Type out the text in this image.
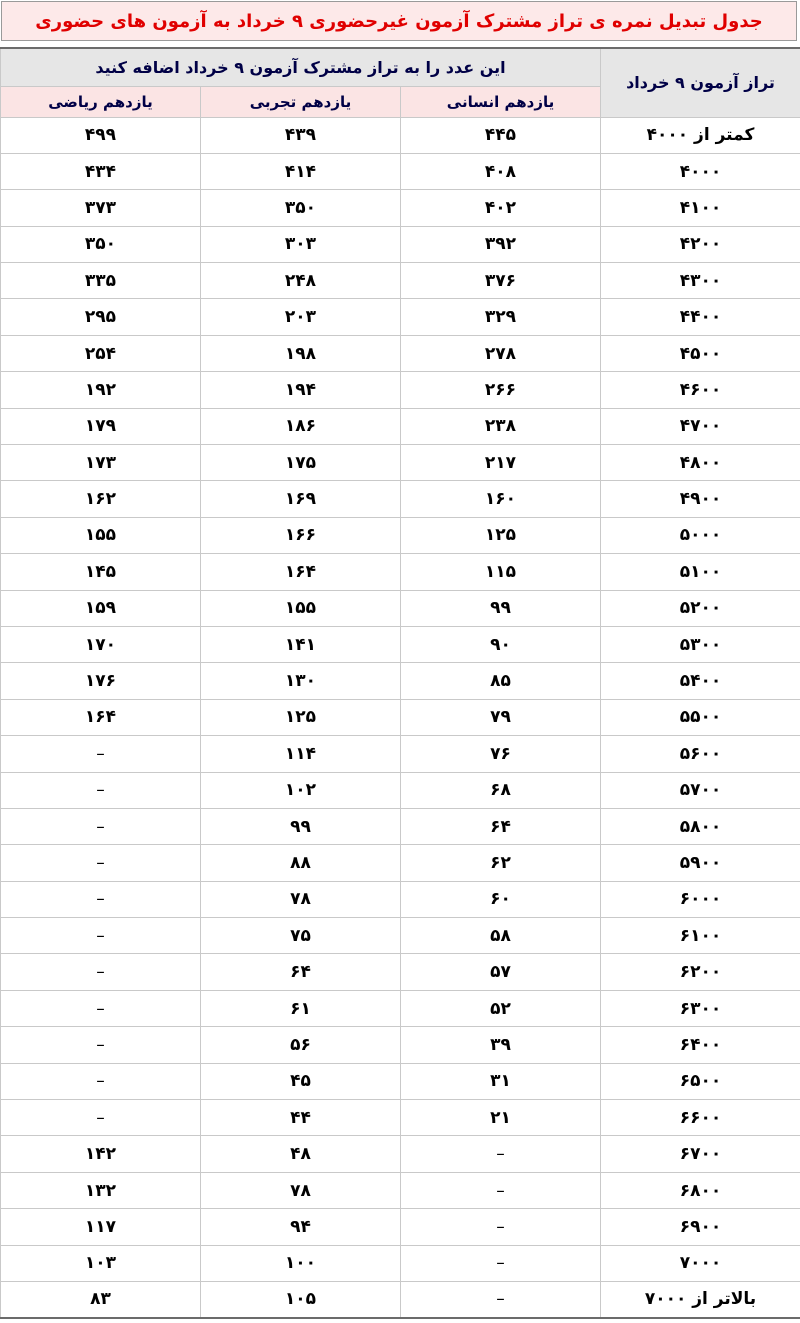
جدول تبدیل نمره ی تراز مشترک آزمون غیرحضوری ۹ خرداد به آزمون های حضوری
تراز آزمون ۹ خرداد	این عدد را به تراز مشترک آزمون ۹ خرداد اضافه کنید		
	یازدهم انسانی	یازدهم تجربی	یازدهم ریاضی
کمتر از ۴۰۰۰	۴۴۵	۴۳۹	۴۹۹
۴۰۰۰	۴۰۸	۴۱۴	۴۳۴
۴۱۰۰	۴۰۲	۳۵۰	۳۷۳
۴۲۰۰	۳۹۲	۳۰۳	۳۵۰
۴۳۰۰	۳۷۶	۲۴۸	۳۳۵
۴۴۰۰	۳۲۹	۲۰۳	۲۹۵
۴۵۰۰	۲۷۸	۱۹۸	۲۵۴
۴۶۰۰	۲۶۶	۱۹۴	۱۹۲
۴۷۰۰	۲۳۸	۱۸۶	۱۷۹
۴۸۰۰	۲۱۷	۱۷۵	۱۷۳
۴۹۰۰	۱۶۰	۱۶۹	۱۶۲
۵۰۰۰	۱۲۵	۱۶۶	۱۵۵
۵۱۰۰	۱۱۵	۱۶۴	۱۴۵
۵۲۰۰	۹۹	۱۵۵	۱۵۹
۵۳۰۰	۹۰	۱۴۱	۱۷۰
۵۴۰۰	۸۵	۱۳۰	۱۷۶
۵۵۰۰	۷۹	۱۲۵	۱۶۴
۵۶۰۰	۷۶	۱۱۴	–
۵۷۰۰	۶۸	۱۰۲	–
۵۸۰۰	۶۴	۹۹	–
۵۹۰۰	۶۲	۸۸	–
۶۰۰۰	۶۰	۷۸	–
۶۱۰۰	۵۸	۷۵	–
۶۲۰۰	۵۷	۶۴	–
۶۳۰۰	۵۲	۶۱	–
۶۴۰۰	۳۹	۵۶	–
۶۵۰۰	۳۱	۴۵	–
۶۶۰۰	۲۱	۴۴	–
۶۷۰۰	–	۴۸	۱۴۲
۶۸۰۰	–	۷۸	۱۳۲
۶۹۰۰	–	۹۴	۱۱۷
۷۰۰۰	–	۱۰۰	۱۰۳
بالاتر از ۷۰۰۰	–	۱۰۵	۸۳
